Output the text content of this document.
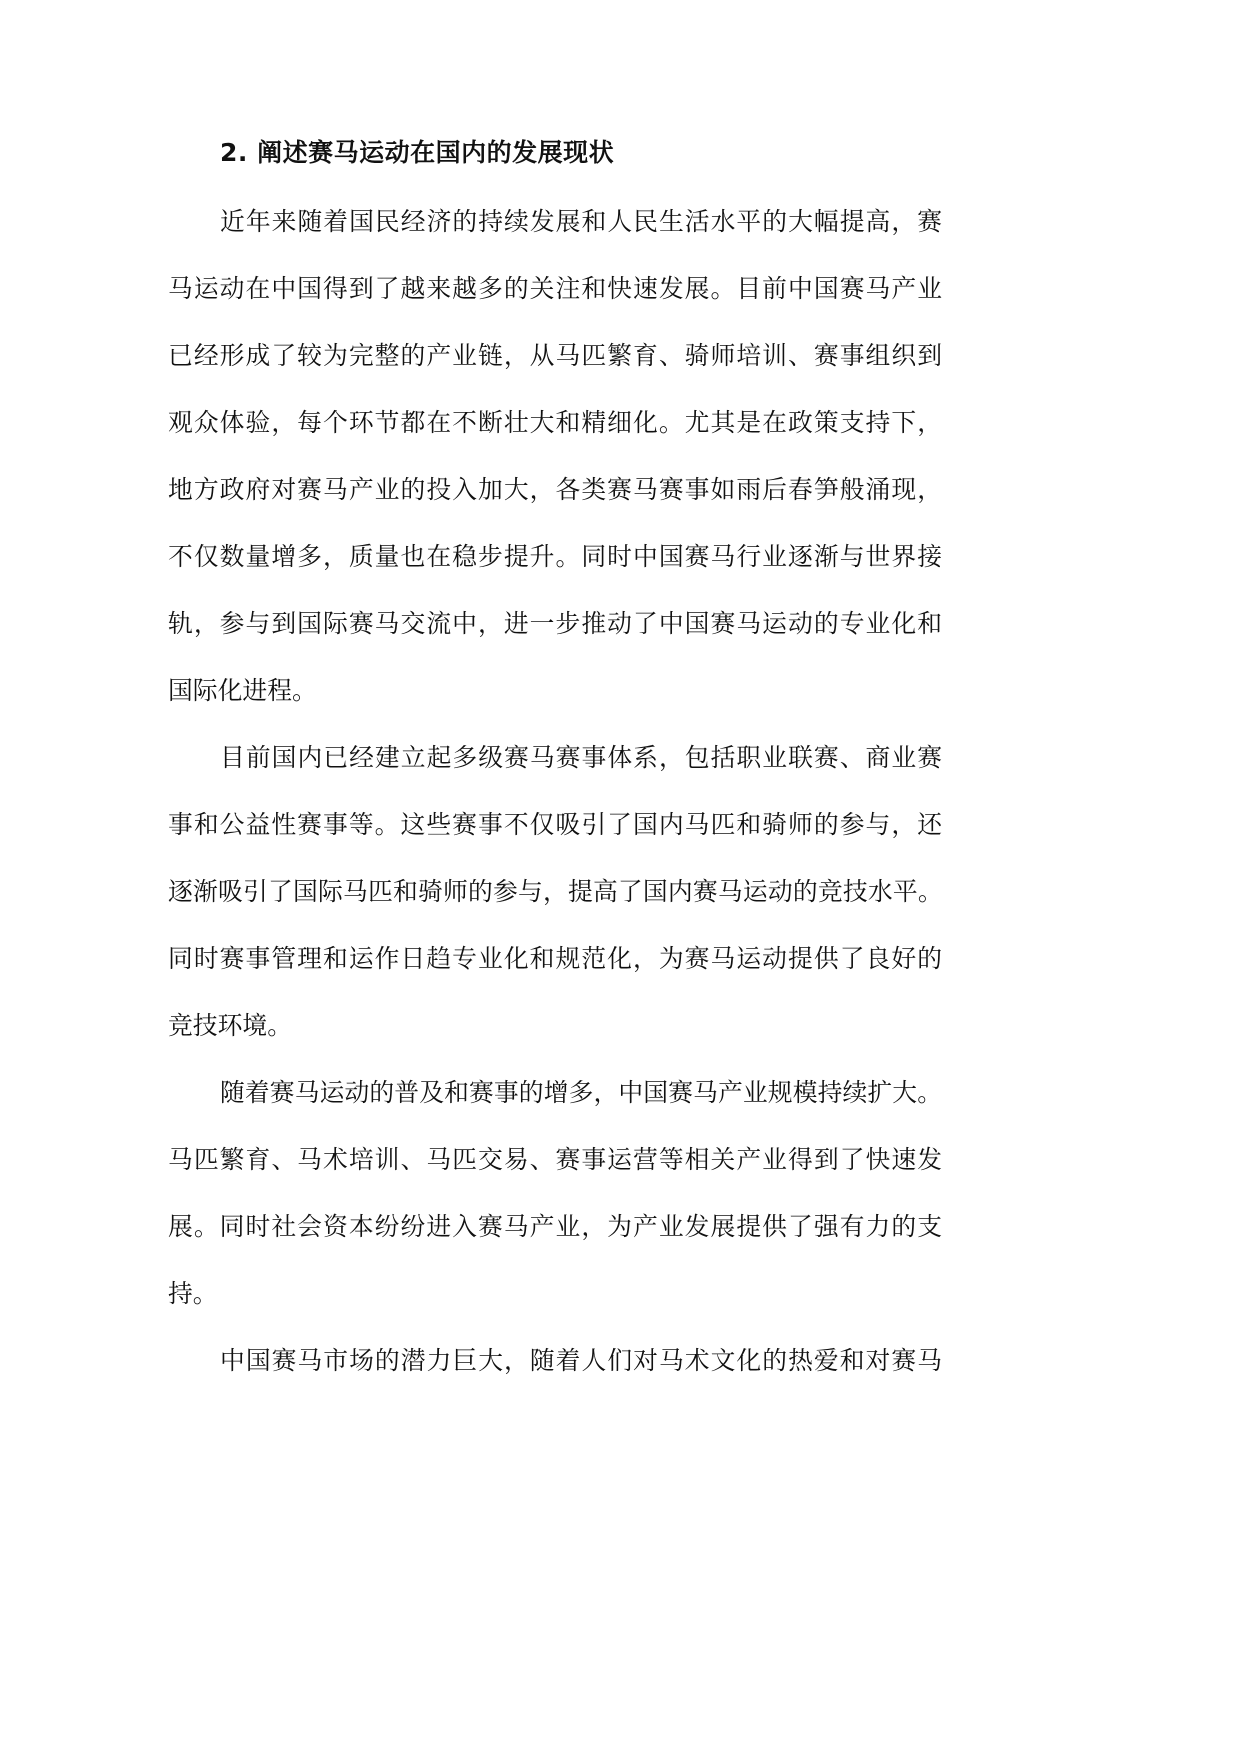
2. 阐述赛马运动在国内的发展现状

近年来随着国民经济的持续发展和人民生活水平的大幅提高，赛

马运动在中国得到了越来越多的关注和快速发展。目前中国赛马产业

已经形成了较为完整的产业链，从马匹繁育、骑师培训、赛事组织到

观众体验，每个环节都在不断壮大和精细化。尤其是在政策支持下，

地方政府对赛马产业的投入加大，各类赛马赛事如雨后春笋般涌现，

不仅数量增多，质量也在稳步提升。同时中国赛马行业逐渐与世界接

轨，参与到国际赛马交流中，进一步推动了中国赛马运动的专业化和

国际化进程。

目前国内已经建立起多级赛马赛事体系，包括职业联赛、商业赛

事和公益性赛事等。这些赛事不仅吸引了国内马匹和骑师的参与，还

逐渐吸引了国际马匹和骑师的参与，提高了国内赛马运动的竞技水平。

同时赛事管理和运作日趋专业化和规范化，为赛马运动提供了良好的

竞技环境。

随着赛马运动的普及和赛事的增多，中国赛马产业规模持续扩大。

马匹繁育、马术培训、马匹交易、赛事运营等相关产业得到了快速发

展。同时社会资本纷纷进入赛马产业，为产业发展提供了强有力的支

持。

中国赛马市场的潜力巨大，随着人们对马术文化的热爱和对赛马
